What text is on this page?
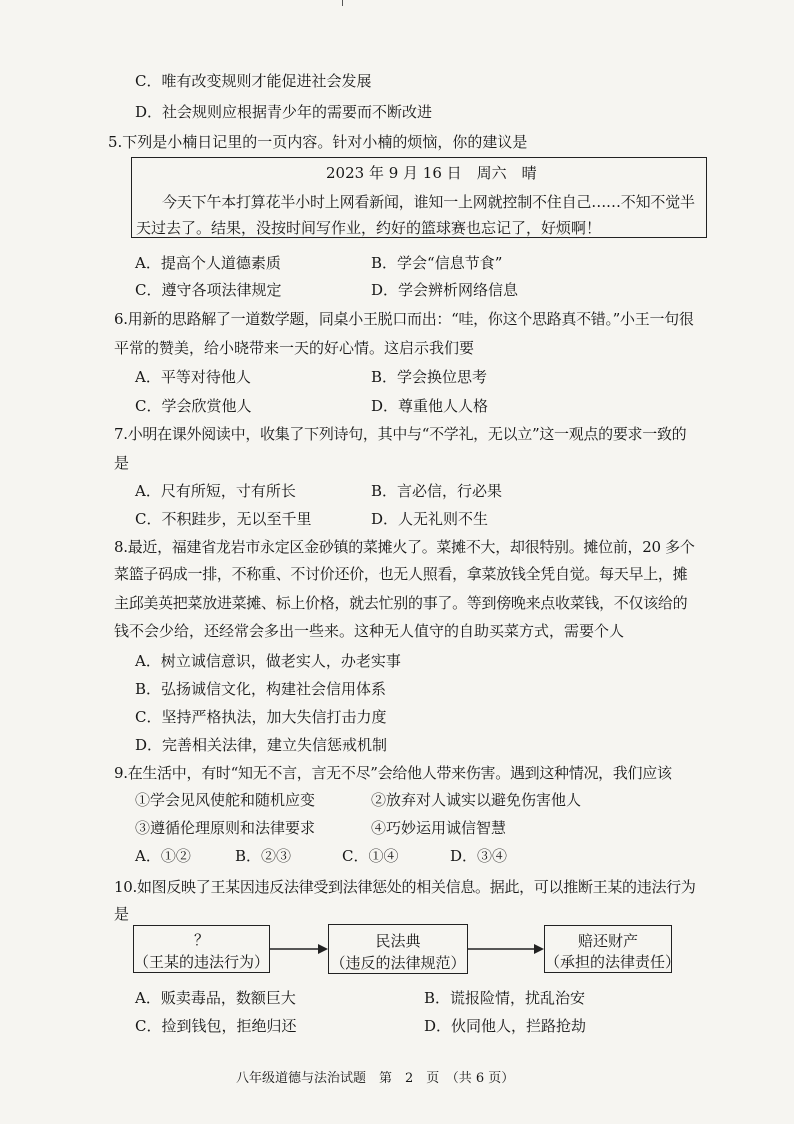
C．唯有改变规则才能促进社会发展
D．社会规则应根据青少年的需要而不断改进
5.下列是小楠日记里的一页内容。针对小楠的烦恼，你的建议是
2023 年 9 月 16 日　周六　晴
今天下午本打算花半小时上网看新闻，谁知一上网就控制不住自己……不知不觉半
天过去了。结果，没按时间写作业，约好的篮球赛也忘记了，好烦啊！
A．提高个人道德素质	B．学会“信息节食”
C．遵守各项法律规定	D．学会辨析网络信息
6.用新的思路解了一道数学题，同桌小王脱口而出：“哇，你这个思路真不错。”小王一句很
平常的赞美，给小晓带来一天的好心情。这启示我们要
A．平等对待他人	B．学会换位思考
C．学会欣赏他人	D．尊重他人人格
7.小明在课外阅读中，收集了下列诗句，其中与“不学礼，无以立”这一观点的要求一致的
是
A．尺有所短，寸有所长	B．言必信，行必果
C．不积跬步，无以至千里	D．人无礼则不生
8.最近，福建省龙岩市永定区金砂镇的菜摊火了。菜摊不大，却很特别。摊位前，20 多个
菜篮子码成一排，不称重、不讨价还价，也无人照看，拿菜放钱全凭自觉。每天早上，摊
主邱美英把菜放进菜摊、标上价格，就去忙别的事了。等到傍晚来点收菜钱，不仅该给的
钱不会少给，还经常会多出一些来。这种无人值守的自助买菜方式，需要个人
A．树立诚信意识，做老实人，办老实事
B．弘扬诚信文化，构建社会信用体系
C．坚持严格执法，加大失信打击力度
D．完善相关法律，建立失信惩戒机制
9.在生活中，有时“知无不言，言无不尽”会给他人带来伤害。遇到这种情况，我们应该
①学会见风使舵和随机应变	②放弃对人诚实以避免伤害他人
③遵循伦理原则和法律要求	④巧妙运用诚信智慧
A．①②	B．②③	C．①④	D．③④
10.如图反映了王某因违反法律受到法律惩处的相关信息。据此，可以推断王某的违法行为
是
？
（王某的违法行为）
民法典
（违反的法律规范）
赔还财产
（承担的法律责任）
A．贩卖毒品，数额巨大	B．谎报险情，扰乱治安
C．捡到钱包，拒绝归还	D．伙同他人，拦路抢劫
八年级道德与法治试题　第　2　页　（共 6 页）
